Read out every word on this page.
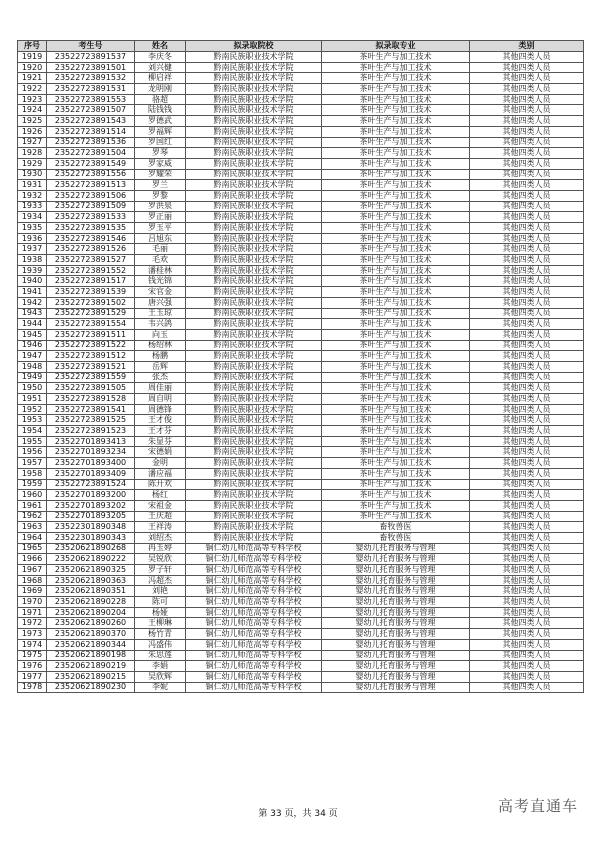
序号	考生号	姓名	拟录取院校	拟录取专业	类别
1919	23522723891537	李庆冬	黔南民族职业技术学院	茶叶生产与加工技术	其他四类人员
1920	23522723891501	刘兴健	黔南民族职业技术学院	茶叶生产与加工技术	其他四类人员
1921	23522723891532	柳启祥	黔南民族职业技术学院	茶叶生产与加工技术	其他四类人员
1922	23522723891531	龙明刚	黔南民族职业技术学院	茶叶生产与加工技术	其他四类人员
1923	23522723891553	骆超	黔南民族职业技术学院	茶叶生产与加工技术	其他四类人员
1924	23522723891507	陆钱钱	黔南民族职业技术学院	茶叶生产与加工技术	其他四类人员
1925	23522723891543	罗德武	黔南民族职业技术学院	茶叶生产与加工技术	其他四类人员
1926	23522723891514	罗福辉	黔南民族职业技术学院	茶叶生产与加工技术	其他四类人员
1927	23522723891536	罗国红	黔南民族职业技术学院	茶叶生产与加工技术	其他四类人员
1928	23522723891504	罗琴	黔南民族职业技术学院	茶叶生产与加工技术	其他四类人员
1929	23522723891549	罗家威	黔南民族职业技术学院	茶叶生产与加工技术	其他四类人员
1930	23522723891556	罗耀荣	黔南民族职业技术学院	茶叶生产与加工技术	其他四类人员
1931	23522723891513	罗兰	黔南民族职业技术学院	茶叶生产与加工技术	其他四类人员
1932	23522723891506	罗黎	黔南民族职业技术学院	茶叶生产与加工技术	其他四类人员
1933	23522723891509	罗洪泉	黔南民族职业技术学院	茶叶生产与加工技术	其他四类人员
1934	23522723891533	罗正丽	黔南民族职业技术学院	茶叶生产与加工技术	其他四类人员
1935	23522723891535	罗玉平	黔南民族职业技术学院	茶叶生产与加工技术	其他四类人员
1936	23522723891546	吕旭东	黔南民族职业技术学院	茶叶生产与加工技术	其他四类人员
1937	23522723891526	毛丽	黔南民族职业技术学院	茶叶生产与加工技术	其他四类人员
1938	23522723891527	毛欢	黔南民族职业技术学院	茶叶生产与加工技术	其他四类人员
1939	23522723891552	潘桂林	黔南民族职业技术学院	茶叶生产与加工技术	其他四类人员
1940	23522723891517	钱光锦	黔南民族职业技术学院	茶叶生产与加工技术	其他四类人员
1941	23522723891539	宋官金	黔南民族职业技术学院	茶叶生产与加工技术	其他四类人员
1942	23522723891502	唐兴强	黔南民族职业技术学院	茶叶生产与加工技术	其他四类人员
1943	23522723891529	王玉琼	黔南民族职业技术学院	茶叶生产与加工技术	其他四类人员
1944	23522723891554	韦兴鸽	黔南民族职业技术学院	茶叶生产与加工技术	其他四类人员
1945	23522723891511	向玉	黔南民族职业技术学院	茶叶生产与加工技术	其他四类人员
1946	23522723891522	杨绍林	黔南民族职业技术学院	茶叶生产与加工技术	其他四类人员
1947	23522723891512	杨鹏	黔南民族职业技术学院	茶叶生产与加工技术	其他四类人员
1948	23522723891521	岳辉	黔南民族职业技术学院	茶叶生产与加工技术	其他四类人员
1949	23522723891559	张杰	黔南民族职业技术学院	茶叶生产与加工技术	其他四类人员
1950	23522723891505	周佳丽	黔南民族职业技术学院	茶叶生产与加工技术	其他四类人员
1951	23522723891528	周自明	黔南民族职业技术学院	茶叶生产与加工技术	其他四类人员
1952	23522723891541	周德锋	黔南民族职业技术学院	茶叶生产与加工技术	其他四类人员
1953	23522723891525	王才俊	黔南民族职业技术学院	茶叶生产与加工技术	其他四类人员
1954	23522723891523	王才芬	黔南民族职业技术学院	茶叶生产与加工技术	其他四类人员
1955	23522701893413	朱显芬	黔南民族职业技术学院	茶叶生产与加工技术	其他四类人员
1956	23522701893234	宋德娟	黔南民族职业技术学院	茶叶生产与加工技术	其他四类人员
1957	23522701893400	金明	黔南民族职业技术学院	茶叶生产与加工技术	其他四类人员
1958	23522701893409	潘应福	黔南民族职业技术学院	茶叶生产与加工技术	其他四类人员
1959	23522723891524	陈开欢	黔南民族职业技术学院	茶叶生产与加工技术	其他四类人员
1960	23522701893200	杨红	黔南民族职业技术学院	茶叶生产与加工技术	其他四类人员
1961	23522701893202	宋祖金	黔南民族职业技术学院	茶叶生产与加工技术	其他四类人员
1962	23522701893205	王庆超	黔南民族职业技术学院	茶叶生产与加工技术	其他四类人员
1963	23522301890348	王祥涛	黔南民族职业技术学院	畜牧兽医	其他四类人员
1964	23522301890343	刘绍杰	黔南民族职业技术学院	畜牧兽医	其他四类人员
1965	23520621890268	冉玉婷	铜仁幼儿师范高等专科学校	婴幼儿托育服务与管理	其他四类人员
1966	23520621890222	吴锐欣	铜仁幼儿师范高等专科学校	婴幼儿托育服务与管理	其他四类人员
1967	23520621890325	罗子轩	铜仁幼儿师范高等专科学校	婴幼儿托育服务与管理	其他四类人员
1968	23520621890363	冯超杰	铜仁幼儿师范高等专科学校	婴幼儿托育服务与管理	其他四类人员
1969	23520621890351	刘艳	铜仁幼儿师范高等专科学校	婴幼儿托育服务与管理	其他四类人员
1970	23520621890228	陈可	铜仁幼儿师范高等专科学校	婴幼儿托育服务与管理	其他四类人员
1971	23520621890204	杨娅	铜仁幼儿师范高等专科学校	婴幼儿托育服务与管理	其他四类人员
1972	23520621890260	王柳琳	铜仁幼儿师范高等专科学校	婴幼儿托育服务与管理	其他四类人员
1973	23520621890370	杨竹青	铜仁幼儿师范高等专科学校	婴幼儿托育服务与管理	其他四类人员
1974	23520621890344	冯盛伟	铜仁幼儿师范高等专科学校	婴幼儿托育服务与管理	其他四类人员
1975	23520621890198	朱思莲	铜仁幼儿师范高等专科学校	婴幼儿托育服务与管理	其他四类人员
1976	23520621890219	李娟	铜仁幼儿师范高等专科学校	婴幼儿托育服务与管理	其他四类人员
1977	23520621890215	吴欣辉	铜仁幼儿师范高等专科学校	婴幼儿托育服务与管理	其他四类人员
1978	23520621890230	李妮	铜仁幼儿师范高等专科学校	婴幼儿托育服务与管理	其他四类人员
第 33 页，共 34 页	高考直通车
